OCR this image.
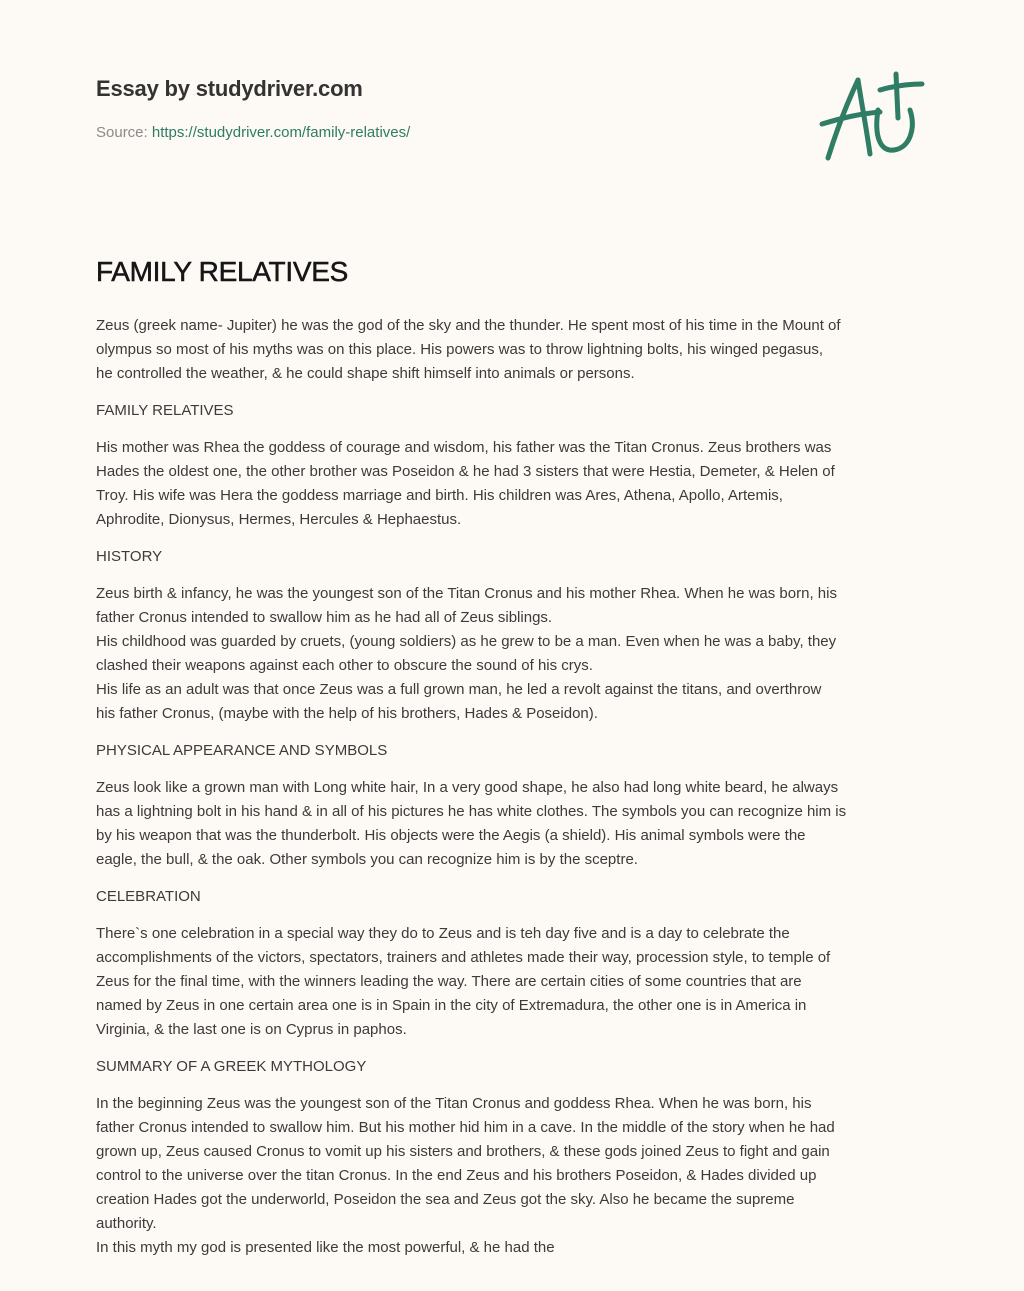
Essay by studydriver.com
Source: https://studydriver.com/family-relatives/
FAMILY RELATIVES
Zeus (greek name- Jupiter) he was the god of the sky and the thunder. He spent most of his time in the Mount of
olympus so most of his myths was on this place. His powers was to throw lightning bolts, his winged pegasus,
he controlled the weather, & he could shape shift himself into animals or persons.
FAMILY RELATIVES
His mother was Rhea the goddess of courage and wisdom, his father was the Titan Cronus. Zeus brothers was
Hades the oldest one, the other brother was Poseidon & he had 3 sisters that were Hestia, Demeter, & Helen of
Troy. His wife was Hera the goddess marriage and birth. His children was Ares, Athena, Apollo, Artemis,
Aphrodite, Dionysus, Hermes, Hercules & Hephaestus.
HISTORY
Zeus birth & infancy, he was the youngest son of the Titan Cronus and his mother Rhea. When he was born, his
father Cronus intended to swallow him as he had all of Zeus siblings.
His childhood was guarded by cruets, (young soldiers) as he grew to be a man. Even when he was a baby, they
clashed their weapons against each other to obscure the sound of his crys.
His life as an adult was that once Zeus was a full grown man, he led a revolt against the titans, and overthrow
his father Cronus, (maybe with the help of his brothers, Hades & Poseidon).
PHYSICAL APPEARANCE AND SYMBOLS
Zeus look like a grown man with Long white hair, In a very good shape, he also had long white beard, he always
has a lightning bolt in his hand & in all of his pictures he has white clothes. The symbols you can recognize him is
by his weapon that was the thunderbolt. His objects were the Aegis (a shield). His animal symbols were the
eagle, the bull, & the oak. Other symbols you can recognize him is by the sceptre.
CELEBRATION
There`s one celebration in a special way they do to Zeus and is teh day five and is a day to celebrate the
accomplishments of the victors, spectators, trainers and athletes made their way, procession style, to temple of
Zeus for the final time, with the winners leading the way. There are certain cities of some countries that are
named by Zeus in one certain area one is in Spain in the city of Extremadura, the other one is in America in
Virginia, & the last one is on Cyprus in paphos.
SUMMARY OF A GREEK MYTHOLOGY
In the beginning Zeus was the youngest son of the Titan Cronus and goddess Rhea. When he was born, his
father Cronus intended to swallow him. But his mother hid him in a cave. In the middle of the story when he had
grown up, Zeus caused Cronus to vomit up his sisters and brothers, & these gods joined Zeus to fight and gain
control to the universe over the titan Cronus. In the end Zeus and his brothers Poseidon, & Hades divided up
creation Hades got the underworld, Poseidon the sea and Zeus got the sky. Also he became the supreme
authority.
In this myth my god is presented like the most powerful, & he had the
